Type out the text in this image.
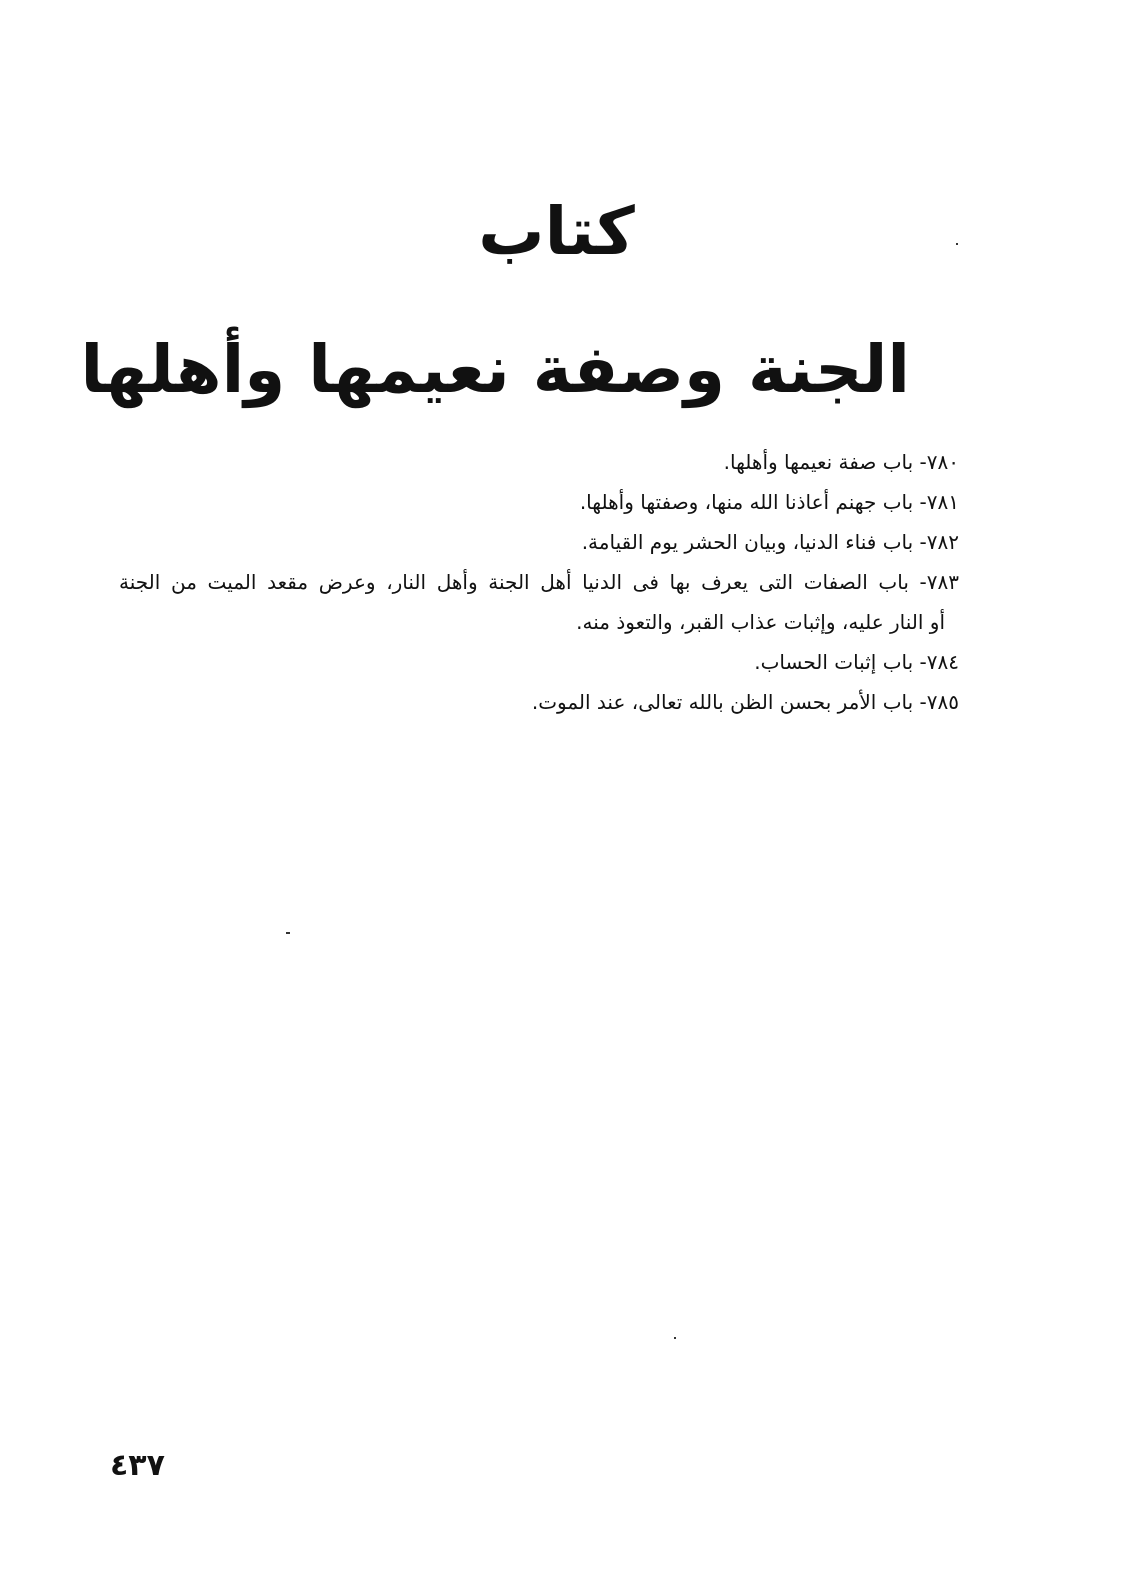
كتاب
الجنة وصفة نعيمها وأهلها
٧٨٠- باب صفة نعيمها وأهلها.
٧٨١- باب جهنم أعاذنا الله منها، وصفتها وأهلها.
٧٨٢- باب فناء الدنيا، وبيان الحشر يوم القيامة.
٧٨٣- باب الصفات التى يعرف بها فى الدنيا أهل الجنة وأهل النار، وعرض مقعد الميت من الجنة
أو النار عليه، وإثبات عذاب القبر، والتعوذ منه.
٧٨٤- باب إثبات الحساب.
٧٨٥- باب الأمر بحسن الظن بالله تعالى، عند الموت.
٤٣٧
